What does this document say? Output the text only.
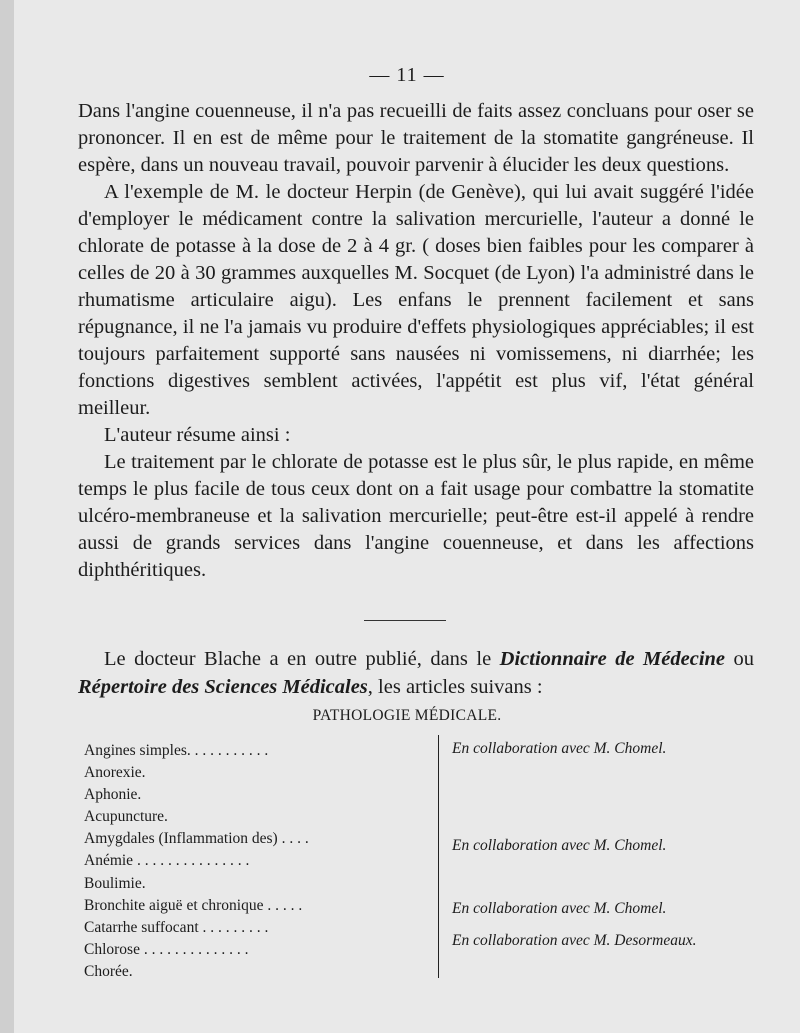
— 11 —

Dans l'angine couenneuse, il n'a pas recueilli de faits assez concluans pour oser se prononcer. Il en est de même pour le traitement de la stomatite gangréneuse. Il espère, dans un nouveau travail, pouvoir parvenir à élucider les deux questions.

A l'exemple de M. le docteur Herpin (de Genève), qui lui avait suggéré l'idée d'employer le médicament contre la salivation mercurielle, l'auteur a donné le chlorate de potasse à la dose de 2 à 4 gr. ( doses bien faibles pour les comparer à celles de 20 à 30 grammes auxquelles M. Socquet (de Lyon) l'a administré dans le rhumatisme articulaire aigu). Les enfans le prennent facilement et sans répugnance, il ne l'a jamais vu produire d'effets physiologiques appréciables; il est toujours parfaitement supporté sans nausées ni vomissemens, ni diarrhée; les fonctions digestives semblent activées, l'appétit est plus vif, l'état général meilleur.

L'auteur résume ainsi :

Le traitement par le chlorate de potasse est le plus sûr, le plus rapide, en même temps le plus facile de tous ceux dont on a fait usage pour combattre la stomatite ulcéro-membraneuse et la salivation mercurielle; peut-être est-il appelé à rendre aussi de grands services dans l'angine couenneuse, et dans les affections diphthéritiques.

Le docteur Blache a en outre publié, dans le Dictionnaire de Médecine ou Répertoire des Sciences Médicales, les articles suivans :

PATHOLOGIE MÉDICALE.
Angines simples. . . . . . . . . . .
Anorexie.
Aphonie.
Acupuncture.
Amygdales (Inflammation des) . . . .
Anémie . . . . . . . . . . . . . . .
Boulimie.
Bronchite aiguë et chronique . . . . .
Catarrhe suffocant . . . . . . . . .
Chlorose . . . . . . . . . . . . . .
Chorée.
En collaboration avec M. Chomel.
En collaboration avec M. Chomel.
En collaboration avec M. Chomel.
En collaboration avec M. Desormeaux.
